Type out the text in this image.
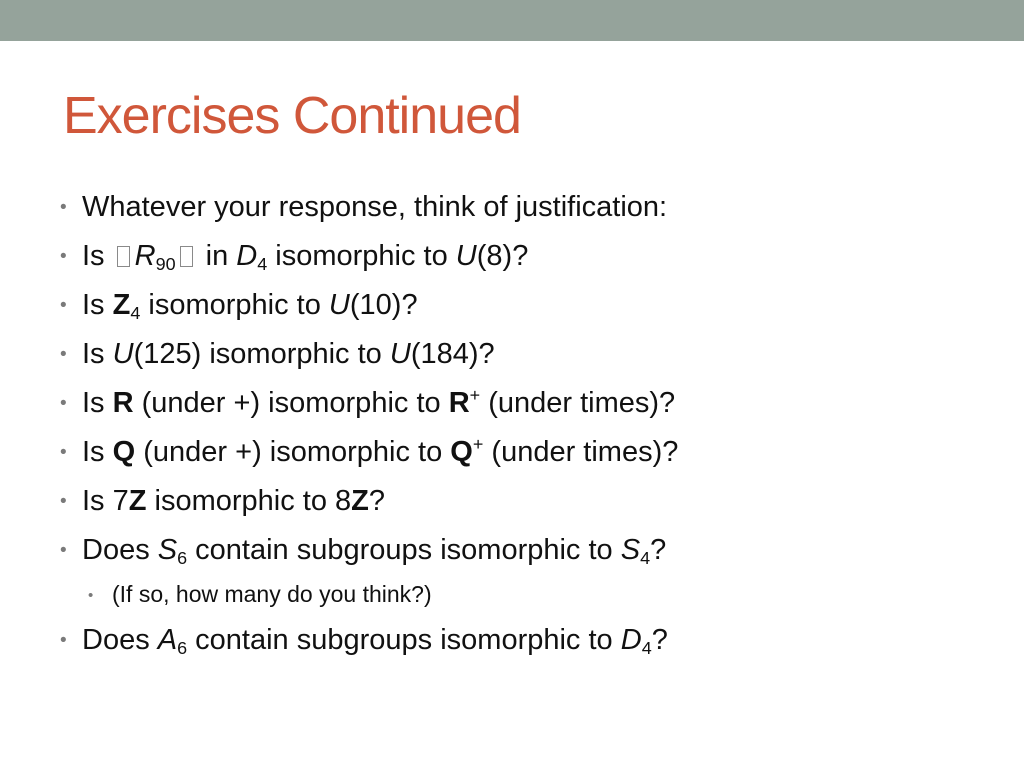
Exercises Continued
• Whatever your response, think of justification:
• Is $R_{90}$ in $D_4$ isomorphic to U(8)?
• Is $Z_4$ isomorphic to U(10)?
• Is U(125) isomorphic to U(184)?
• Is R (under +) isomorphic to R+ (under times)?
• Is Q (under +) isomorphic to Q+ (under times)?
• Is 7Z isomorphic to 8Z?
• Does $S_6$ contain subgroups isomorphic to $S_4$?
• (If so, how many do you think?)
• Does $A_6$ contain subgroups isomorphic to $D_4$?
